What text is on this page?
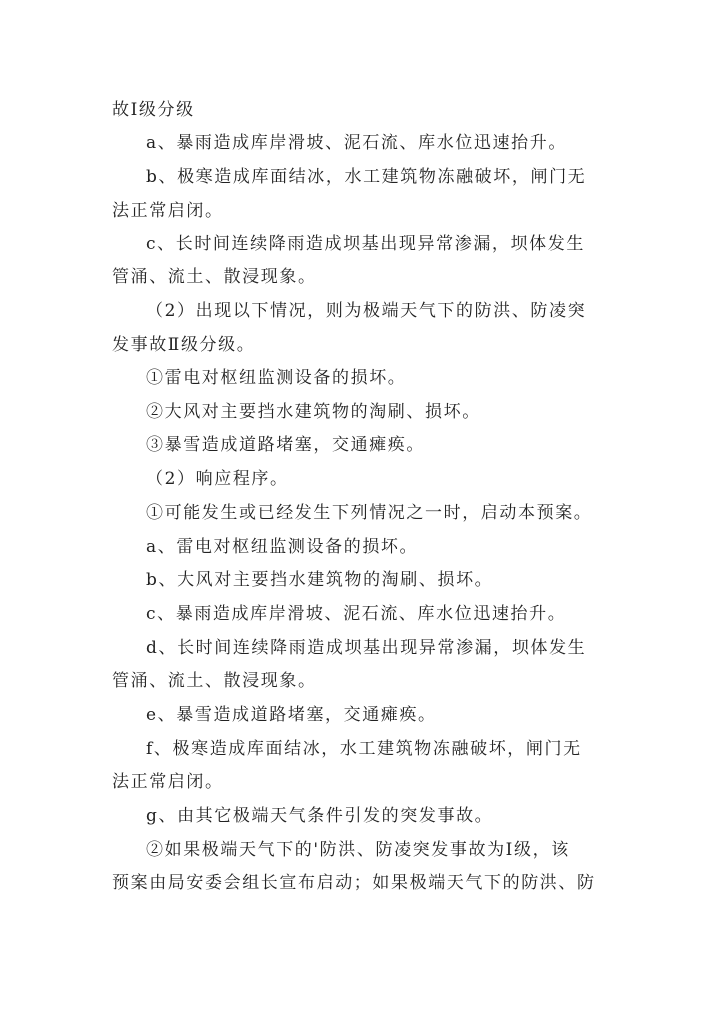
故Ⅰ级分级
a、暴雨造成库岸滑坡、泥石流、库水位迅速抬升。
b、极寒造成库面结冰，水工建筑物冻融破坏，闸门无
法正常启闭。
c、长时间连续降雨造成坝基出现异常渗漏，坝体发生
管涌、流土、散浸现象。
（2）出现以下情况，则为极端天气下的防洪、防凌突
发事故Ⅱ级分级。
①雷电对枢纽监测设备的损坏。
②大风对主要挡水建筑物的淘刷、损坏。
③暴雪造成道路堵塞，交通瘫痪。
（2）响应程序。
①可能发生或已经发生下列情况之一时，启动本预案。
a、雷电对枢纽监测设备的损坏。
b、大风对主要挡水建筑物的淘刷、损坏。
c、暴雨造成库岸滑坡、泥石流、库水位迅速抬升。
d、长时间连续降雨造成坝基出现异常渗漏，坝体发生
管涌、流土、散浸现象。
e、暴雪造成道路堵塞，交通瘫痪。
f、极寒造成库面结冰，水工建筑物冻融破坏，闸门无
法正常启闭。
g、由其它极端天气条件引发的突发事故。
②如果极端天气下的'防洪、防凌突发事故为Ⅰ级，该
预案由局安委会组长宣布启动；如果极端天气下的防洪、防
